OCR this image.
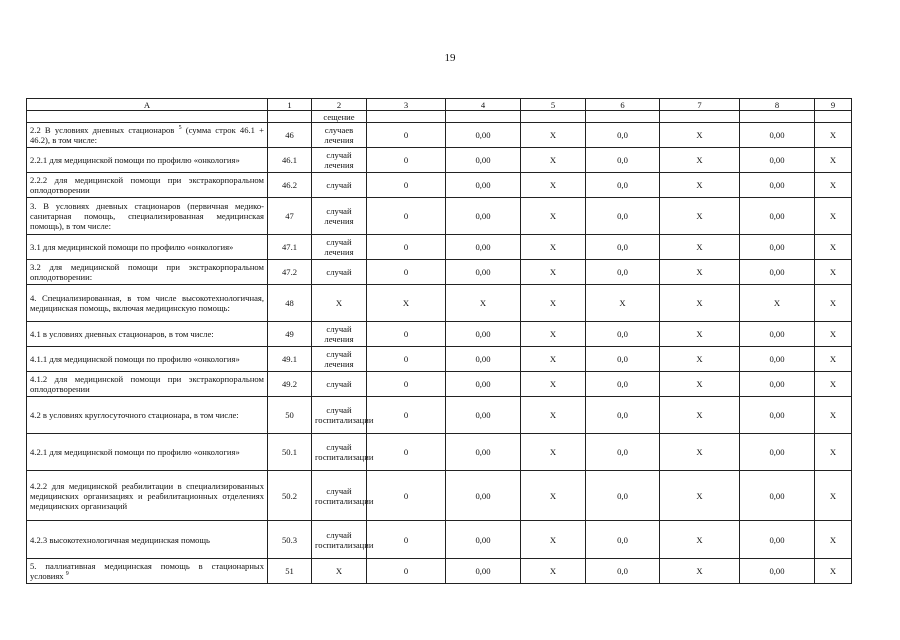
19
A	1	2	3	4	5	6	7	8	9
		сещение							
2.2 В условиях дневных стационаров $^5$ (сумма строк 46.1 + 46.2), в том числе:	46	случаев лечения	0	0,00	X	0,0	X	0,00	X
2.2.1 для медицинской помощи по профилю «онкология»	46.1	случай лечения	0	0,00	X	0,0	X	0,00	X
2.2.2 для медицинской помощи при экстракорпоральном оплодотворении	46.2	случай	0	0,00	X	0,0	X	0,00	X
3. В условиях дневных стационаров (первичная медико-санитарная помощь, специализированная медицинская помощь), в том числе:	47	случай лечения	0	0,00	X	0,0	X	0,00	X
3.1 для медицинской помощи по профилю «онкология»	47.1	случай лечения	0	0,00	X	0,0	X	0,00	X
3.2 для медицинской помощи при экстракорпоральном оплодотворении:	47.2	случай	0	0,00	X	0,0	X	0,00	X
4. Специализированная, в том числе высокотехнологичная, медицинская помощь, включая медицинскую помощь:	48	X	X	X	X	X	X	X	X
4.1 в условиях дневных стационаров, в том числе:	49	случай лечения	0	0,00	X	0,0	X	0,00	X
4.1.1 для медицинской помощи по профилю «онкология»	49.1	случай лечения	0	0,00	X	0,0	X	0,00	X
4.1.2 для медицинской помощи при экстракорпоральном оплодотворении	49.2	случай	0	0,00	X	0,0	X	0,00	X
4.2 в условиях круглосуточного стационара, в том числе:	50	случай госпитализации	0	0,00	X	0,0	X	0,00	X
4.2.1 для медицинской помощи по профилю «онкология»	50.1	случай госпитализации	0	0,00	X	0,0	X	0,00	X
4.2.2 для медицинской реабилитации в специализированных медицинских организациях и реабилитационных отделениях медицинских организаций	50.2	случай госпитализации	0	0,00	X	0,0	X	0,00	X
4.2.3 высокотехнологичная медицинская помощь	50.3	случай госпитализации	0	0,00	X	0,0	X	0,00	X
5. паллиативная медицинская помощь в стационарных условиях $^9$	51	X	0	0,00	X	0,0	X	0,00	X
